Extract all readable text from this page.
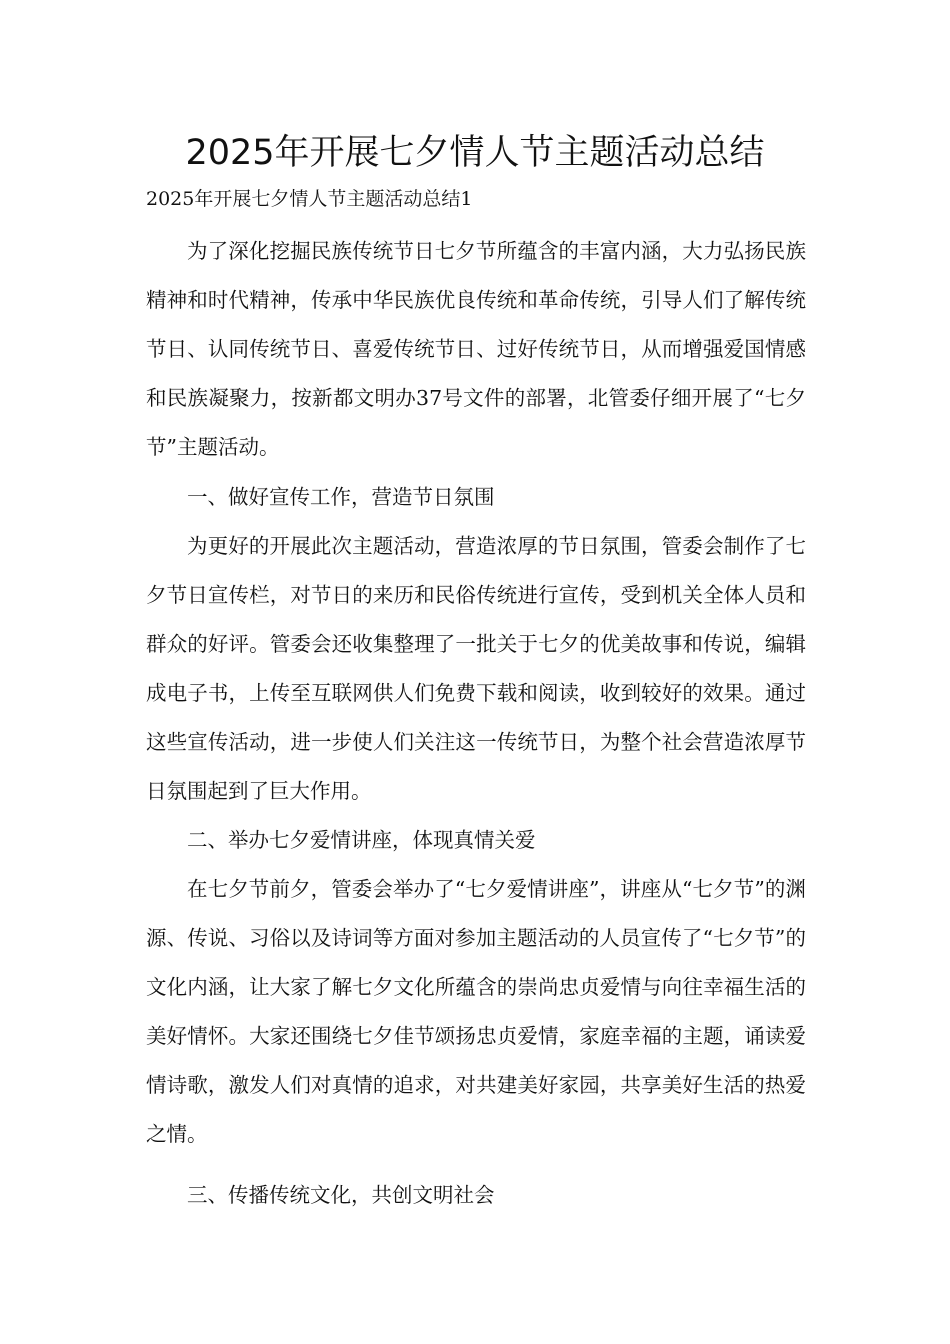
2025年开展七夕情人节主题活动总结

2025年开展七夕情人节主题活动总结1

为了深化挖掘民族传统节日七夕节所蕴含的丰富内涵，大力弘扬民族精神和时代精神，传承中华民族优良传统和革命传统，引导人们了解传统节日、认同传统节日、喜爱传统节日、过好传统节日，从而增强爱国情感和民族凝聚力，按新都文明办37号文件的部署，北管委仔细开展了“七夕节”主题活动。

一、做好宣传工作，营造节日氛围

为更好的开展此次主题活动，营造浓厚的节日氛围，管委会制作了七夕节日宣传栏，对节日的来历和民俗传统进行宣传，受到机关全体人员和群众的好评。管委会还收集整理了一批关于七夕的优美故事和传说，编辑成电子书，上传至互联网供人们免费下载和阅读，收到较好的效果。通过这些宣传活动，进一步使人们关注这一传统节日，为整个社会营造浓厚节日氛围起到了巨大作用。

二、举办七夕爱情讲座，体现真情关爱

在七夕节前夕，管委会举办了“七夕爱情讲座”，讲座从“七夕节”的渊源、传说、习俗以及诗词等方面对参加主题活动的人员宣传了“七夕节”的文化内涵，让大家了解七夕文化所蕴含的崇尚忠贞爱情与向往幸福生活的美好情怀。大家还围绕七夕佳节颂扬忠贞爱情，家庭幸福的主题，诵读爱情诗歌，激发人们对真情的追求，对共建美好家园，共享美好生活的热爱之情。

三、传播传统文化，共创文明社会
